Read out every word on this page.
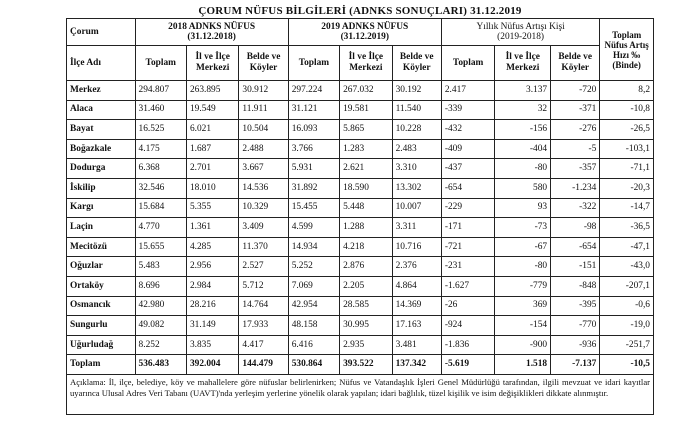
ÇORUM NÜFUS BİLGİLERİ (ADNKS SONUÇLARI) 31.12.2019
Çorum	2018 ADNKS NÜFUS
(31.12.2018)			2019 ADNKS NÜFUS
(31.12.2019)			Yıllık Nüfus Artışı Kişi
(2019-2018)			Toplam Nüfus Artış Hızı ‰ (Binde)
İlçe Adı	Toplam	İl ve İlçe Merkezi	Belde ve Köyler	Toplam	İl ve İlçe Merkezi	Belde ve Köyler	Toplam	İl ve İlçe Merkezi	Belde ve Köyler	
Merkez	294.807	263.895	30.912	297.224	267.032	30.192	2.417	3.137	-720	8,2
Alaca	31.460	19.549	11.911	31.121	19.581	11.540	-339	32	-371	-10,8
Bayat	16.525	6.021	10.504	16.093	5.865	10.228	-432	-156	-276	-26,5
Boğazkale	4.175	1.687	2.488	3.766	1.283	2.483	-409	-404	-5	-103,1
Dodurga	6.368	2.701	3.667	5.931	2.621	3.310	-437	-80	-357	-71,1
İskilip	32.546	18.010	14.536	31.892	18.590	13.302	-654	580	-1.234	-20,3
Kargı	15.684	5.355	10.329	15.455	5.448	10.007	-229	93	-322	-14,7
Laçin	4.770	1.361	3.409	4.599	1.288	3.311	-171	-73	-98	-36,5
Mecitözü	15.655	4.285	11.370	14.934	4.218	10.716	-721	-67	-654	-47,1
Oğuzlar	5.483	2.956	2.527	5.252	2.876	2.376	-231	-80	-151	-43,0
Ortaköy	8.696	2.984	5.712	7.069	2.205	4.864	-1.627	-779	-848	-207,1
Osmancık	42.980	28.216	14.764	42.954	28.585	14.369	-26	369	-395	-0,6
Sungurlu	49.082	31.149	17.933	48.158	30.995	17.163	-924	-154	-770	-19,0
Uğurludağ	8.252	3.835	4.417	6.416	2.935	3.481	-1.836	-900	-936	-251,7
Toplam	536.483	392.004	144.479	530.864	393.522	137.342	-5.619	1.518	-7.137	-10,5
Açıklama: İl, ilçe, belediye, köy ve mahallelere göre nüfuslar belirlenirken; Nüfus ve Vatandaşlık İşleri Genel Müdürlüğü tarafından, ilgili mevzuat ve idari kayıtlar uyarınca Ulusal Adres Veri Tabanı (UAVT)'nda yerleşim yerlerine yönelik olarak yapılan; idari bağlılık, tüzel kişilik ve isim değişiklikleri dikkate alınmıştır.
